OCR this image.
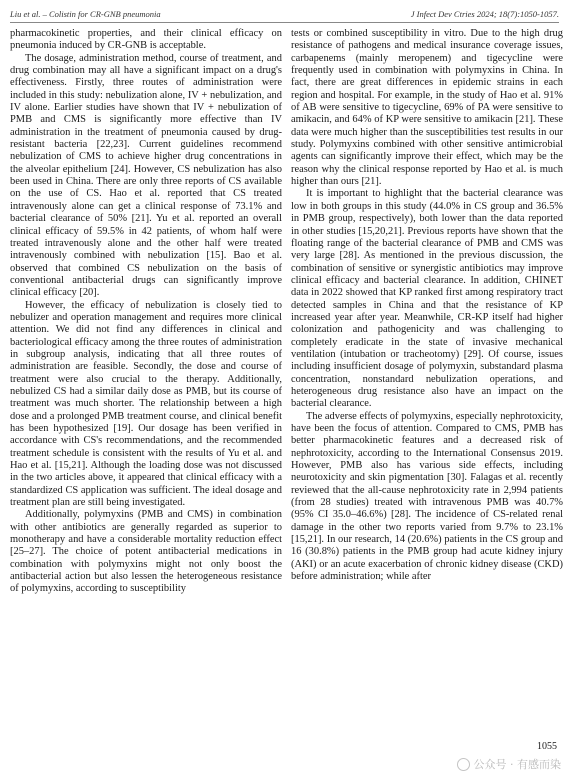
Liu et al. – Colistin for CR-GNB pneumonia	J Infect Dev Ctries 2024; 18(7):1050-1057.

pharmacokinetic properties, and their clinical efficacy on pneumonia induced by CR-GNB is acceptable.

The dosage, administration method, course of treatment, and drug combination may all have a significant impact on a drug's effectiveness. Firstly, three routes of administration were included in this study: nebulization alone, IV + nebulization, and IV alone. Earlier studies have shown that IV + nebulization of PMB and CMS is significantly more effective than IV administration in the treatment of pneumonia caused by drug-resistant bacteria [22,23]. Current guidelines recommend nebulization of CMS to achieve higher drug concentrations in the alveolar epithelium [24]. However, CS nebulization has also been used in China. There are only three reports of CS available on the use of CS. Hao et al. reported that CS treated intravenously alone can get a clinical response of 73.1% and bacterial clearance of 50% [21]. Yu et al. reported an overall clinical efficacy of 59.5% in 42 patients, of whom half were treated intravenously alone and the other half were treated intravenously combined with nebulization [15]. Bao et al. observed that combined CS nebulization on the basis of conventional antibacterial drugs can significantly improve clinical efficacy [20].

However, the efficacy of nebulization is closely tied to nebulizer and operation management and requires more clinical attention. We did not find any differences in clinical and bacteriological efficacy among the three routes of administration in subgroup analysis, indicating that all three routes of administration are feasible. Secondly, the dose and course of treatment were also crucial to the therapy. Additionally, nebulized CS had a similar daily dose as PMB, but its course of treatment was much shorter. The relationship between a high dose and a prolonged PMB treatment course, and clinical benefit has been hypothesized [19]. Our dosage has been verified in accordance with CS's recommendations, and the recommended treatment schedule is consistent with the results of Yu et al. and Hao et al. [15,21]. Although the loading dose was not discussed in the two articles above, it appeared that clinical efficacy with a standardized CS application was sufficient. The ideal dosage and treatment plan are still being investigated.

Additionally, polymyxins (PMB and CMS) in combination with other antibiotics are generally regarded as superior to monotherapy and have a considerable mortality reduction effect [25–27]. The choice of potent antibacterial medications in combination with polymyxins might not only boost the antibacterial action but also lessen the heterogeneous resistance of polymyxins, according to susceptibility

tests or combined susceptibility in vitro. Due to the high drug resistance of pathogens and medical insurance coverage issues, carbapenems (mainly meropenem) and tigecycline were frequently used in combination with polymyxins in China. In fact, there are great differences in epidemic strains in each region and hospital. For example, in the study of Hao et al. 91% of AB were sensitive to tigecycline, 69% of PA were sensitive to amikacin, and 64% of KP were sensitive to amikacin [21]. These data were much higher than the susceptibilities test results in our study. Polymyxins combined with other sensitive antimicrobial agents can significantly improve their effect, which may be the reason why the clinical response reported by Hao et al. is much higher than ours [21].

It is important to highlight that the bacterial clearance was low in both groups in this study (44.0% in CS group and 36.5% in PMB group, respectively), both lower than the data reported in other studies [15,20,21]. Previous reports have shown that the floating range of the bacterial clearance of PMB and CMS was very large [28]. As mentioned in the previous discussion, the combination of sensitive or synergistic antibiotics may improve clinical efficacy and bacterial clearance. In addition, CHINET data in 2022 showed that KP ranked first among respiratory tract detected samples in China and that the resistance of KP increased year after year. Meanwhile, CR-KP itself had higher colonization and pathogenicity and was challenging to completely eradicate in the state of invasive mechanical ventilation (intubation or tracheotomy) [29]. Of course, issues including insufficient dosage of polymyxin, substandard plasma concentration, nonstandard nebulization operations, and heterogeneous drug resistance also have an impact on the bacterial clearance.

The adverse effects of polymyxins, especially nephrotoxicity, have been the focus of attention. Compared to CMS, PMB has better pharmacokinetic features and a decreased risk of nephrotoxicity, according to the International Consensus 2019. However, PMB also has various side effects, including neurotoxicity and skin pigmentation [30]. Falagas et al. recently reviewed that the all-cause nephrotoxicity rate in 2,994 patients (from 28 studies) treated with intravenous PMB was 40.7% (95% CI 35.0–46.6%) [28]. The incidence of CS-related renal damage in the other two reports varied from 9.7% to 23.1% [15,21]. In our research, 14 (20.6%) patients in the CS group and 16 (30.8%) patients in the PMB group had acute kidney injury (AKI) or an acute exacerbation of chronic kidney disease (CKD) before administration; while after

1055
公众号 · 有感而染
